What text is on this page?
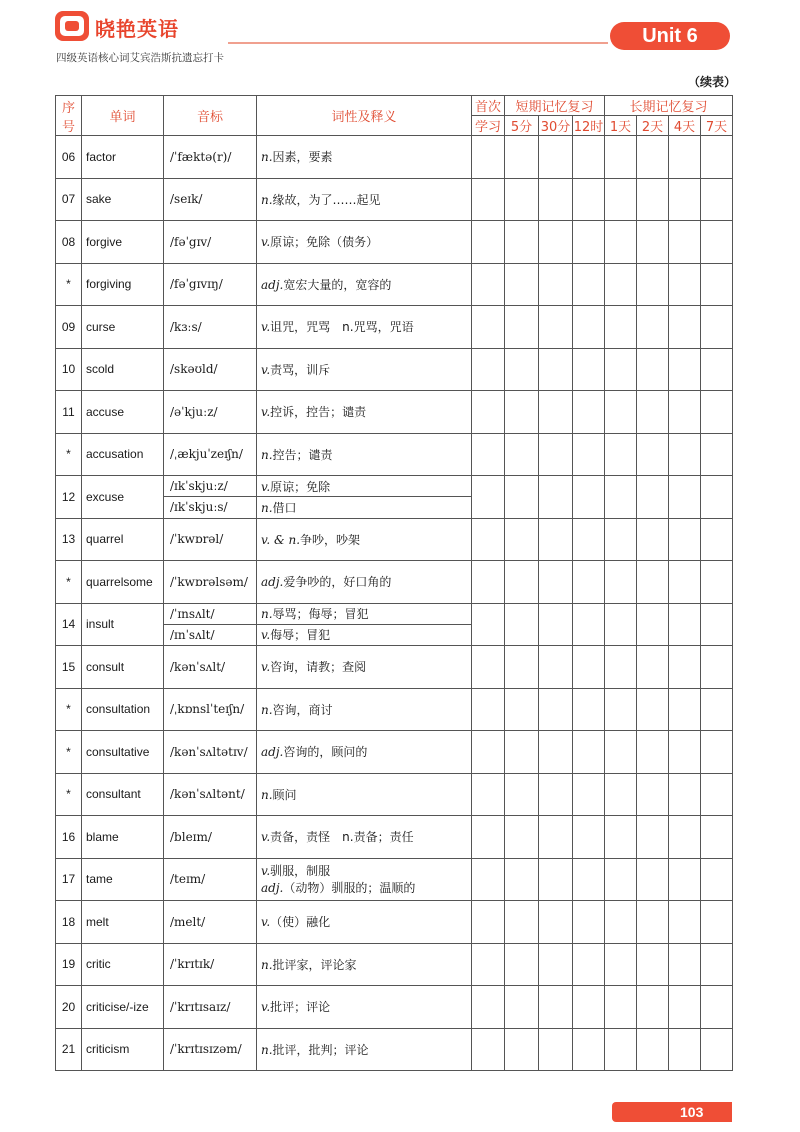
晓艳英语
四级英语核心词艾宾浩斯抗遗忘打卡
Unit 6
（续表）
序号	单词	音标	词性及释义	首次	短期记忆复习			长期记忆复习			
				学习	5分	30分	12时	1天	2天	4天	7天
06	factor	/ˈfæktə(r)/	n.因素，要素								
07	sake	/seɪk/	n.缘故，为了……起见								
08	forgive	/fəˈgɪv/	v.原谅；免除（债务）								
*	forgiving	/fəˈgɪvɪŋ/	adj.宽宏大量的，宽容的								
09	curse	/kɜːs/	v.诅咒，咒骂　n.咒骂，咒语								
10	scold	/skəʊld/	v.责骂，训斥								
11	accuse	/əˈkjuːz/	v.控诉，控告；谴责								
*	accusation	/ˌækjuˈzeɪʃn/	n.控告；谴责								
12	excuse	/ɪkˈskjuːz/	v.原谅；免除								
		/ɪkˈskjuːs/	n.借口								
13	quarrel	/ˈkwɒrəl/	v. & n.争吵，吵架								
*	quarrelsome	/ˈkwɒrəlsəm/	adj.爱争吵的，好口角的								
14	insult	/ˈɪnsʌlt/	n.辱骂；侮辱；冒犯								
		/ɪnˈsʌlt/	v.侮辱；冒犯								
15	consult	/kənˈsʌlt/	v.咨询，请教；查阅								
*	consultation	/ˌkɒnslˈteɪʃn/	n.咨询，商讨								
*	consultative	/kənˈsʌltətɪv/	adj.咨询的，顾问的								
*	consultant	/kənˈsʌltənt/	n.顾问								
16	blame	/bleɪm/	v.责备，责怪　n.责备；责任								
17	tame	/teɪm/	v.驯服，制服
adj.（动物）驯服的；温顺的								
18	melt	/melt/	v.（使）融化								
19	critic	/ˈkrɪtɪk/	n.批评家，评论家								
20	criticise/-ize	/ˈkrɪtɪsaɪz/	v.批评；评论								
21	criticism	/ˈkrɪtɪsɪzəm/	n.批评，批判；评论								
103
